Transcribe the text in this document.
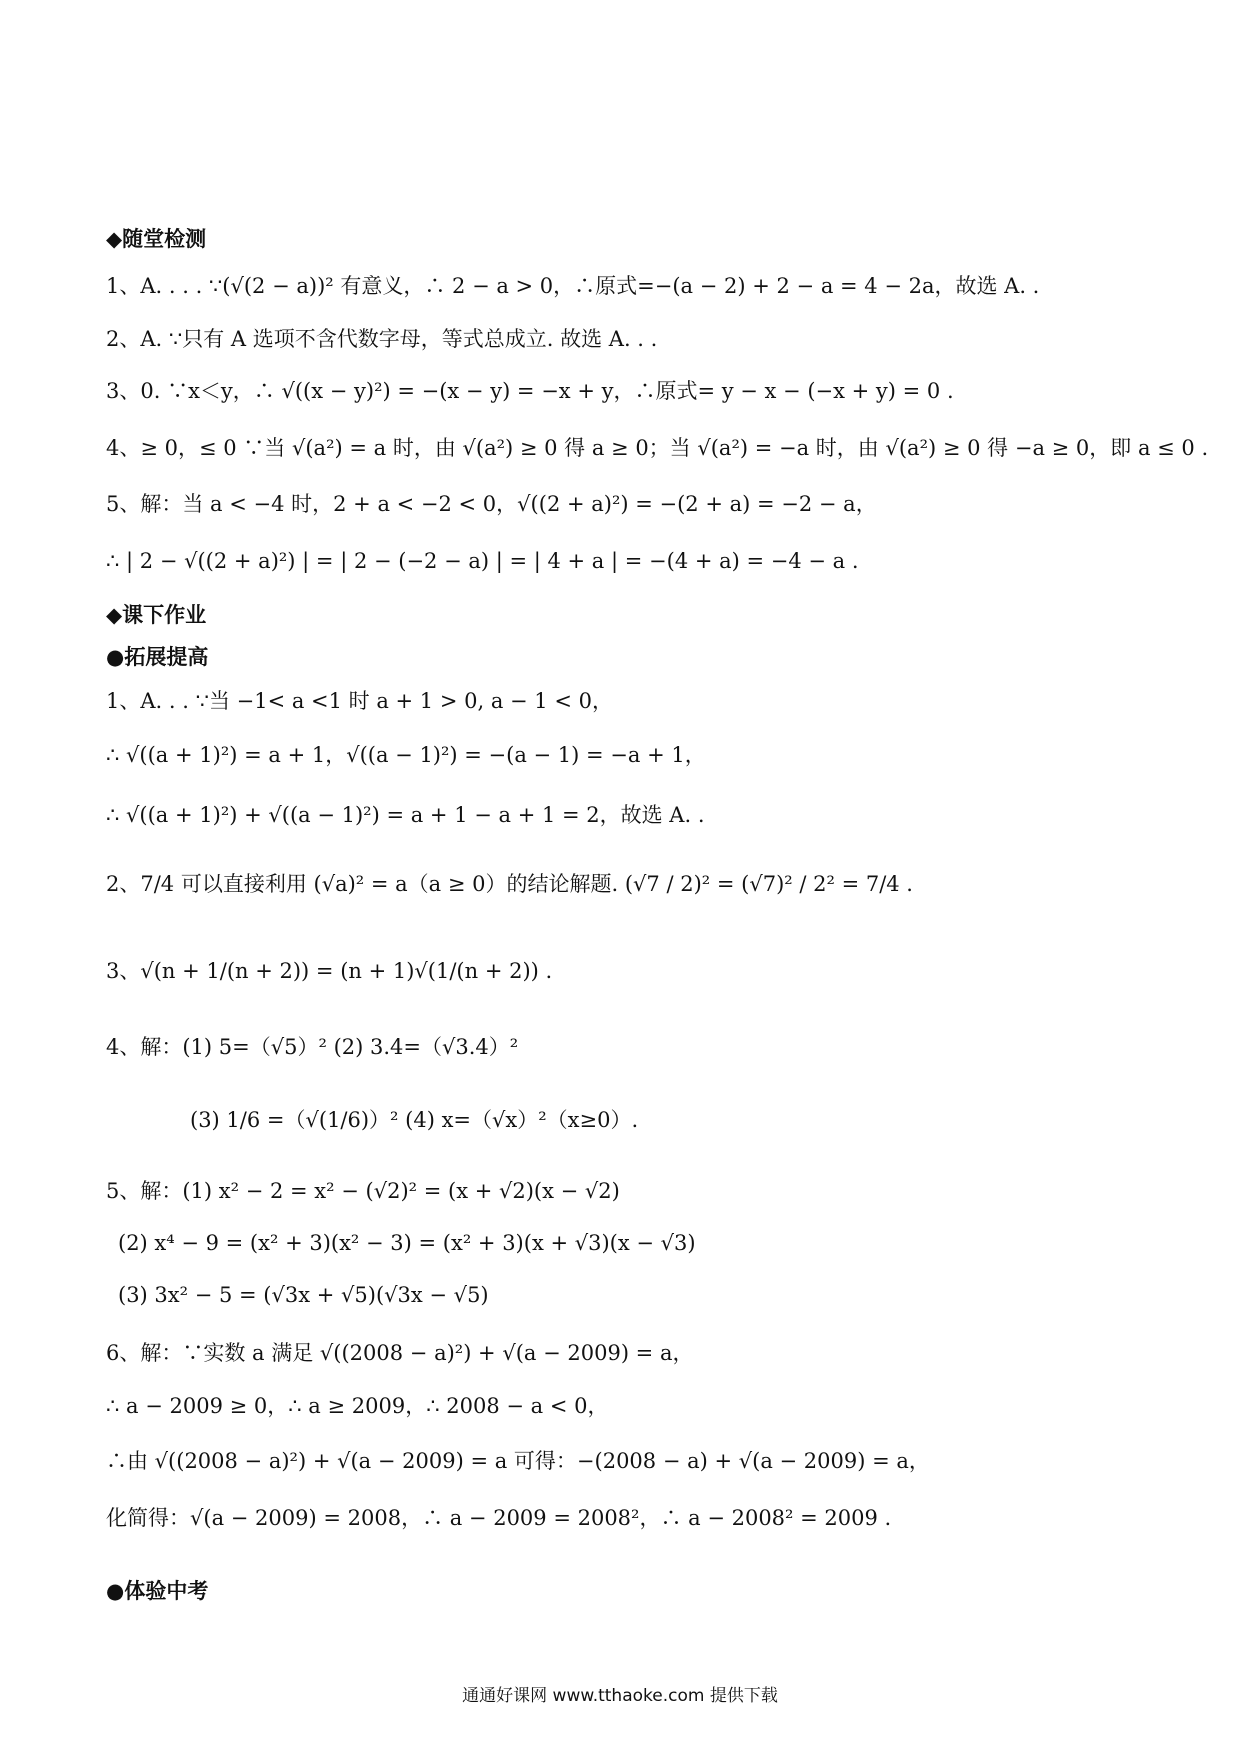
◆随堂检测
1、A. . . . ∵(√(2 − a))² 有意义，∴ 2 − a > 0，∴原式=−(a − 2) + 2 − a = 4 − 2a，故选 A. .
2、A. ∵只有 A 选项不含代数字母，等式总成立. 故选 A. . .
3、0. ∵x＜y，∴ √((x − y)²) = −(x − y) = −x + y，∴原式= y − x − (−x + y) = 0 .
4、≥ 0，≤ 0 ∵当 √(a²) = a 时，由 √(a²) ≥ 0 得 a ≥ 0；当 √(a²) = −a 时，由 √(a²) ≥ 0 得 −a ≥ 0，即 a ≤ 0 .
5、解：当 a < −4 时，2 + a < −2 < 0，√((2 + a)²) = −(2 + a) = −2 − a，
∴ | 2 − √((2 + a)²) | = | 2 − (−2 − a) | = | 4 + a | = −(4 + a) = −4 − a .
◆课下作业
●拓展提高
1、A. . . ∵当 −1< a <1 时 a + 1 > 0, a − 1 < 0，
∴ √((a + 1)²) = a + 1，√((a − 1)²) = −(a − 1) = −a + 1，
∴ √((a + 1)²) + √((a − 1)²) = a + 1 − a + 1 = 2，故选 A. .
2、7/4 可以直接利用 (√a)² = a（a ≥ 0）的结论解题. (√7 / 2)² = (√7)² / 2² = 7/4 .
3、√(n + 1/(n + 2)) = (n + 1)√(1/(n + 2)) .
4、解：(1) 5=（√5）² (2) 3.4=（√3.4）²
(3) 1/6 =（√(1/6)）² (4) x=（√x）²（x≥0）.
5、解：(1) x² − 2 = x² − (√2)² = (x + √2)(x − √2)
(2) x⁴ − 9 = (x² + 3)(x² − 3) = (x² + 3)(x + √3)(x − √3)
(3) 3x² − 5 = (√3x + √5)(√3x − √5)
6、解：∵实数 a 满足 √((2008 − a)²) + √(a − 2009) = a，
∴ a − 2009 ≥ 0，∴ a ≥ 2009，∴ 2008 − a < 0，
∴由 √((2008 − a)²) + √(a − 2009) = a 可得：−(2008 − a) + √(a − 2009) = a，
化简得：√(a − 2009) = 2008，∴ a − 2009 = 2008²，∴ a − 2008² = 2009 .
●体验中考
通通好课网 www.tthaoke.com 提供下载
